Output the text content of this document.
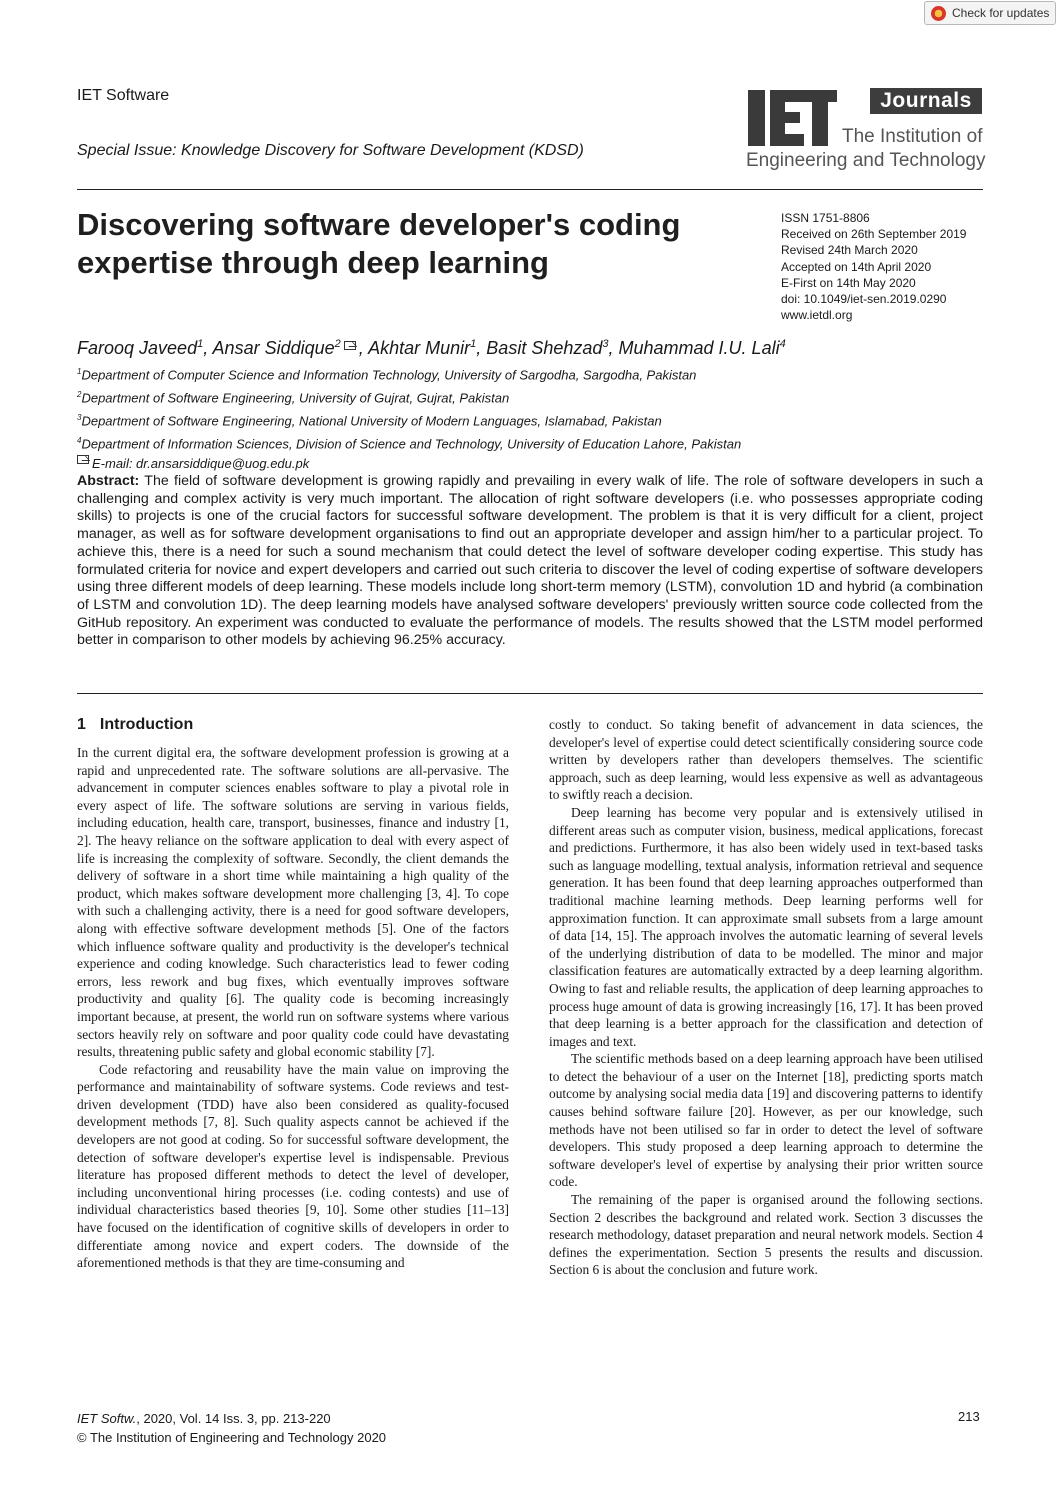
Check for updates
IET Software
Special Issue: Knowledge Discovery for Software Development (KDSD)
Journals
The Institution of
Engineering and Technology
Discovering software developer's coding expertise through deep learning
ISSN 1751-8806
Received on 26th September 2019
Revised 24th March 2020
Accepted on 14th April 2020
E-First on 14th May 2020
doi: 10.1049/iet-sen.2019.0290
www.ietdl.org
Farooq Javeed$^1$, Ansar Siddique$^2$ , Akhtar Munir$^1$, Basit Shehzad$^3$, Muhammad I.U. Lali$^4$
$^1$Department of Computer Science and Information Technology, University of Sargodha, Sargodha, Pakistan
$^2$Department of Software Engineering, University of Gujrat, Gujrat, Pakistan
$^3$Department of Software Engineering, National University of Modern Languages, Islamabad, Pakistan
$^4$Department of Information Sciences, Division of Science and Technology, University of Education Lahore, Pakistan
E-mail: dr.ansarsiddique@uog.edu.pk

Abstract: The field of software development is growing rapidly and prevailing in every walk of life. The role of software developers in such a challenging and complex activity is very much important. The allocation of right software developers (i.e. who possesses appropriate coding skills) to projects is one of the crucial factors for successful software development. The problem is that it is very difficult for a client, project manager, as well as for software development organisations to find out an appropriate developer and assign him/her to a particular project. To achieve this, there is a need for such a sound mechanism that could detect the level of software developer coding expertise. This study has formulated criteria for novice and expert developers and carried out such criteria to discover the level of coding expertise of software developers using three different models of deep learning. These models include long short-term memory (LSTM), convolution 1D and hybrid (a combination of LSTM and convolution 1D). The deep learning models have analysed software developers' previously written source code collected from the GitHub repository. An experiment was conducted to evaluate the performance of models. The results showed that the LSTM model performed better in comparison to other models by achieving 96.25% accuracy.

1 Introduction

In the current digital era, the software development profession is growing at a rapid and unprecedented rate. The software solutions are all-pervasive. The advancement in computer sciences enables software to play a pivotal role in every aspect of life. The software solutions are serving in various fields, including education, health care, transport, businesses, finance and industry [1, 2]. The heavy reliance on the software application to deal with every aspect of life is increasing the complexity of software. Secondly, the client demands the delivery of software in a short time while maintaining a high quality of the product, which makes software development more challenging [3, 4]. To cope with such a challenging activity, there is a need for good software developers, along with effective software development methods [5]. One of the factors which influence software quality and productivity is the developer's technical experience and coding knowledge. Such characteristics lead to fewer coding errors, less rework and bug fixes, which eventually improves software productivity and quality [6]. The quality code is becoming increasingly important because, at present, the world run on software systems where various sectors heavily rely on software and poor quality code could have devastating results, threatening public safety and global economic stability [7].

Code refactoring and reusability have the main value on improving the performance and maintainability of software systems. Code reviews and test-driven development (TDD) have also been considered as quality-focused development methods [7, 8]. Such quality aspects cannot be achieved if the developers are not good at coding. So for successful software development, the detection of software developer's expertise level is indispensable. Previous literature has proposed different methods to detect the level of developer, including unconventional hiring processes (i.e. coding contests) and use of individual characteristics based theories [9, 10]. Some other studies [11–13] have focused on the identification of cognitive skills of developers in order to differentiate among novice and expert coders. The downside of the aforementioned methods is that they are time-consuming and

costly to conduct. So taking benefit of advancement in data sciences, the developer's level of expertise could detect scientifically considering source code written by developers rather than developers themselves. The scientific approach, such as deep learning, would less expensive as well as advantageous to swiftly reach a decision.

Deep learning has become very popular and is extensively utilised in different areas such as computer vision, business, medical applications, forecast and predictions. Furthermore, it has also been widely used in text-based tasks such as language modelling, textual analysis, information retrieval and sequence generation. It has been found that deep learning approaches outperformed than traditional machine learning methods. Deep learning performs well for approximation function. It can approximate small subsets from a large amount of data [14, 15]. The approach involves the automatic learning of several levels of the underlying distribution of data to be modelled. The minor and major classification features are automatically extracted by a deep learning algorithm. Owing to fast and reliable results, the application of deep learning approaches to process huge amount of data is growing increasingly [16, 17]. It has been proved that deep learning is a better approach for the classification and detection of images and text.

The scientific methods based on a deep learning approach have been utilised to detect the behaviour of a user on the Internet [18], predicting sports match outcome by analysing social media data [19] and discovering patterns to identify causes behind software failure [20]. However, as per our knowledge, such methods have not been utilised so far in order to detect the level of software developers. This study proposed a deep learning approach to determine the software developer's level of expertise by analysing their prior written source code.

The remaining of the paper is organised around the following sections. Section 2 describes the background and related work. Section 3 discusses the research methodology, dataset preparation and neural network models. Section 4 defines the experimentation. Section 5 presents the results and discussion. Section 6 is about the conclusion and future work.

IET Softw., 2020, Vol. 14 Iss. 3, pp. 213-220
© The Institution of Engineering and Technology 2020
213
